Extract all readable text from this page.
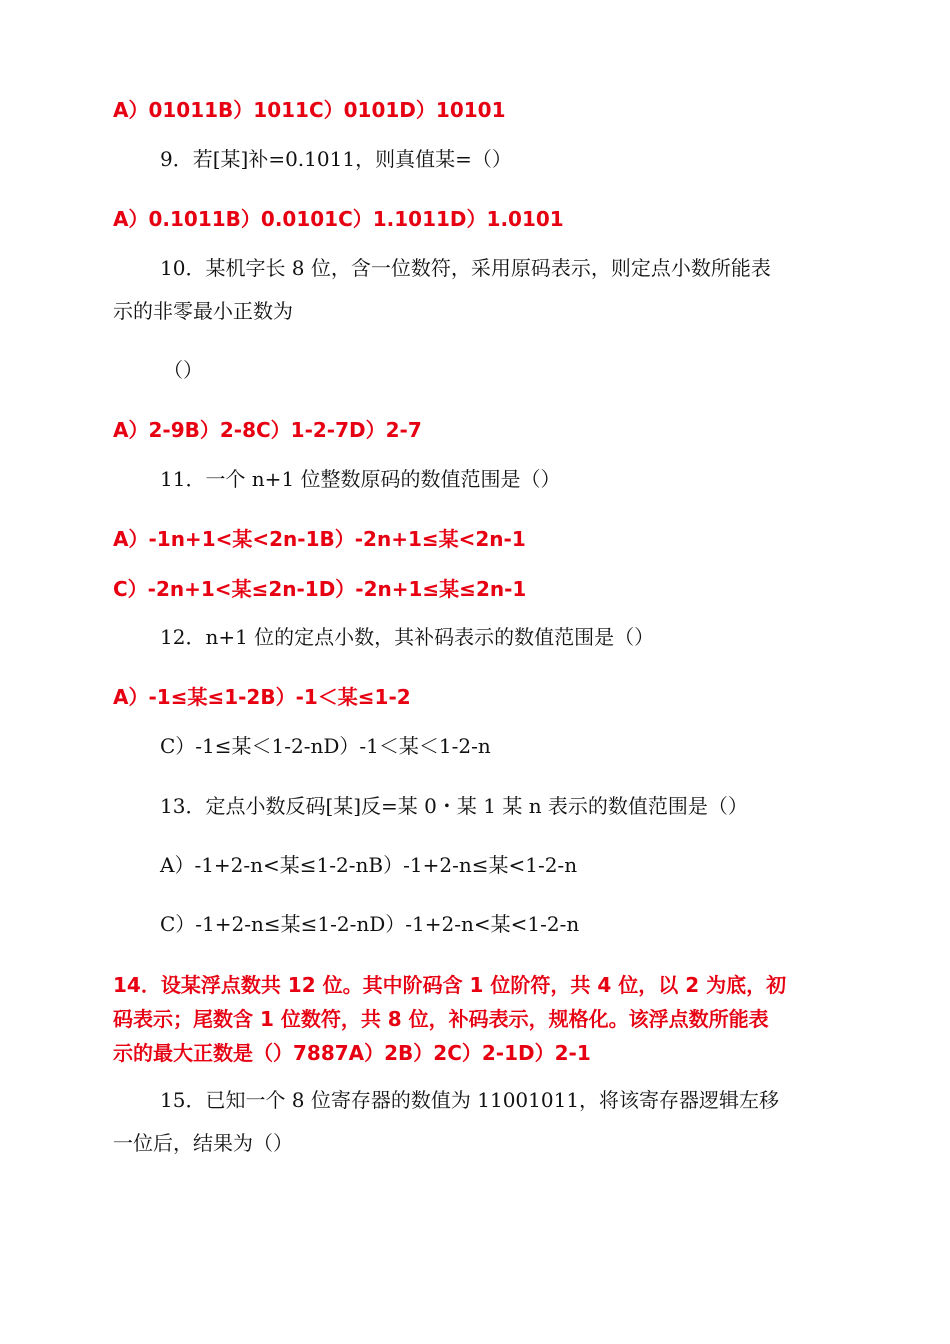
A）01011B）1011C）0101D）10101
9．若[某]补=0.1011，则真值某=（）
A）0.1011B）0.0101C）1.1011D）1.0101
10．某机字长 8 位，含一位数符，采用原码表示，则定点小数所能表
示的非零最小正数为
（）
A）2-9B）2-8C）1-2-7D）2-7
11．一个 n+1 位整数原码的数值范围是（）
A）-1n+1<某<2n-1B）-2n+1≤某<2n-1
C）-2n+1<某≤2n-1D）-2n+1≤某≤2n-1
12．n+1 位的定点小数，其补码表示的数值范围是（）
A）-1≤某≤1-2B）-1＜某≤1-2
C）-1≤某＜1-2-nD）-1＜某＜1-2-n
13．定点小数反码[某]反=某 0・某 1 某 n 表示的数值范围是（）
A）-1+2-n<某≤1-2-nB）-1+2-n≤某<1-2-n
C）-1+2-n≤某≤1-2-nD）-1+2-n<某<1-2-n
14．设某浮点数共 12 位。其中阶码含 1 位阶符，共 4 位，以 2 为底，初
码表示；尾数含 1 位数符，共 8 位，补码表示，规格化。该浮点数所能表
示的最大正数是（）7887A）2B）2C）2-1D）2-1
15．已知一个 8 位寄存器的数值为 11001011，将该寄存器逻辑左移
一位后，结果为（）
